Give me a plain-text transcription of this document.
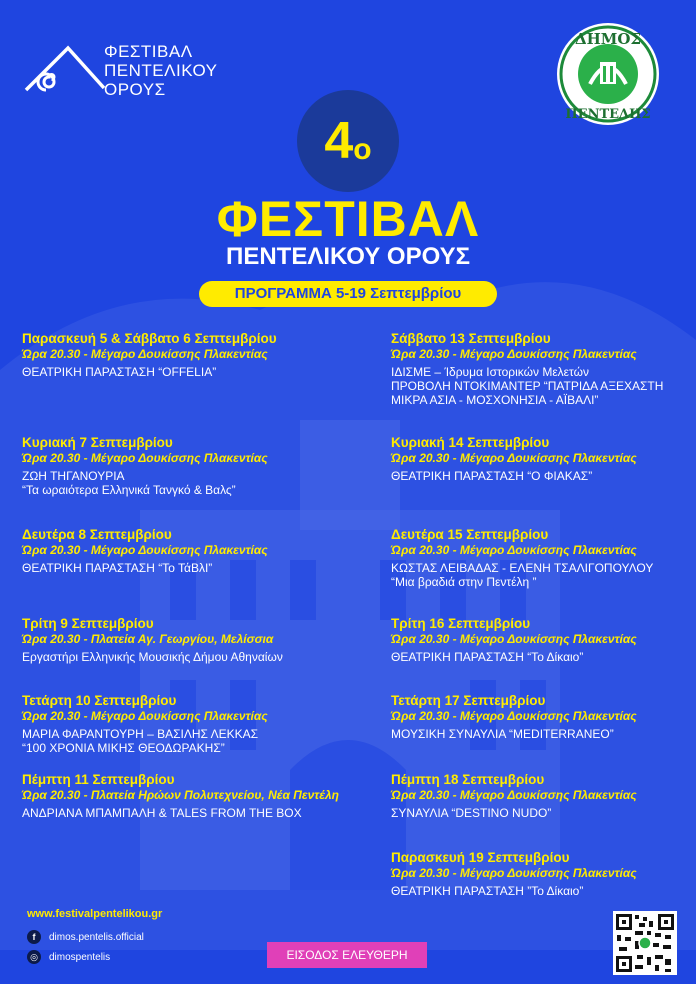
ΦΕΣΤΙΒΑΛ
ΠΕΝΤΕΛΙΚΟΥ
ΟΡΟΥΣ
ΔΗΜΟΣ
ΠΕΝΤΕΛΗΣ
4 ο
ΦΕΣΤΙΒΑΛ
ΠΕΝΤΕΛΙΚΟΥ ΟΡΟΥΣ
ΠΡΟΓΡΑΜΜΑ 5-19 Σεπτεμβρίου
Παρασκευή 5 & Σάββατο 6 Σεπτεμβρίου
Ώρα 20.30 - Μέγαρο Δουκίσσης Πλακεντίας
ΘΕΑΤΡΙΚΗ ΠΑΡΑΣΤΑΣΗ “OFFELIA”
Κυριακή 7 Σεπτεμβρίου
Ώρα 20.30 - Μέγαρο Δουκίσσης Πλακεντίας
ΖΩΗ ΤΗΓΑΝΟΥΡΙΑ
“Τα ωραιότερα Ελληνικά Τανγκό & Βαλς”
Δευτέρα 8 Σεπτεμβρίου
Ώρα 20.30 - Μέγαρο Δουκίσσης Πλακεντίας
ΘΕΑΤΡΙΚΗ ΠΑΡΑΣΤΑΣΗ “Το ΤάΒλΙ”
Τρίτη 9 Σεπτεμβρίου
Ώρα 20.30 - Πλατεία Αγ. Γεωργίου, Μελίσσια
Εργαστήρι Ελληνικής Μουσικής Δήμου Αθηναίων
Τετάρτη 10 Σεπτεμβρίου
Ώρα 20.30 - Μέγαρο Δουκίσσης Πλακεντίας
ΜΑΡΙΑ ΦΑΡΑΝΤΟΥΡΗ – ΒΑΣΙΛΗΣ ΛΕΚΚΑΣ
“100 ΧΡΟΝΙΑ ΜΙΚΗΣ ΘΕΟΔΩΡΑΚΗΣ”
Πέμπτη 11 Σεπτεμβρίου
Ώρα 20.30 - Πλατεία Ηρώων Πολυτεχνείου, Νέα Πεντέλη
ΑΝΔΡΙΑΝΑ ΜΠΑΜΠΑΛΗ & TALES FROM THE BOX
Σάββατο 13 Σεπτεμβρίου
Ώρα 20.30 - Μέγαρο Δουκίσσης Πλακεντίας
ΙΔΙΣΜΕ – Ίδρυμα Ιστορικών Μελετών
ΠΡΟΒΟΛΗ ΝΤΟΚΙΜΑΝΤΕΡ “ΠΑΤΡΙΔΑ ΑΞΕΧΑΣΤΗ
ΜΙΚΡΑ ΑΣΙΑ - ΜΟΣΧΟΝΗΣΙΑ - ΑΪΒΑΛΙ”
Κυριακή 14 Σεπτεμβρίου
Ώρα 20.30 - Μέγαρο Δουκίσσης Πλακεντίας
ΘΕΑΤΡΙΚΗ ΠΑΡΑΣΤΑΣΗ “Ο ΦΙΑΚΑΣ”
Δευτέρα 15 Σεπτεμβρίου
Ώρα 20.30 - Μέγαρο Δουκίσσης Πλακεντίας
ΚΩΣΤΑΣ ΛΕΙΒΑΔΑΣ - ΕΛΕΝΗ ΤΣΑΛΙΓΟΠΟΥΛΟΥ
“Μια βραδιά στην Πεντέλη ”
Τρίτη 16 Σεπτεμβρίου
Ώρα 20.30 - Μέγαρο Δουκίσσης Πλακεντίας
ΘΕΑΤΡΙΚΗ ΠΑΡΑΣΤΑΣΗ “Το Δίκαιο”
Τετάρτη 17 Σεπτεμβρίου
Ώρα 20.30 - Μέγαρο Δουκίσσης Πλακεντίας
ΜΟΥΣΙΚΗ ΣΥΝΑΥΛΙΑ “MEDITERRANEO”
Πέμπτη 18 Σεπτεμβρίου
Ώρα 20.30 - Μέγαρο Δουκίσσης Πλακεντίας
ΣΥΝΑΥΛΙΑ “DESTINO NUDO”
Παρασκευή 19 Σεπτεμβρίου
Ώρα 20.30 - Μέγαρο Δουκίσσης Πλακεντίας
ΘΕΑΤΡΙΚΗ ΠΑΡΑΣΤΑΣΗ ”Το Δίκαιο”
www.festivalpentelikou.gr
f	dimos.pentelis.official
◎	dimospentelis	ΕΙΣΟΔΟΣ ΕΛΕΥΘΕΡΗ
